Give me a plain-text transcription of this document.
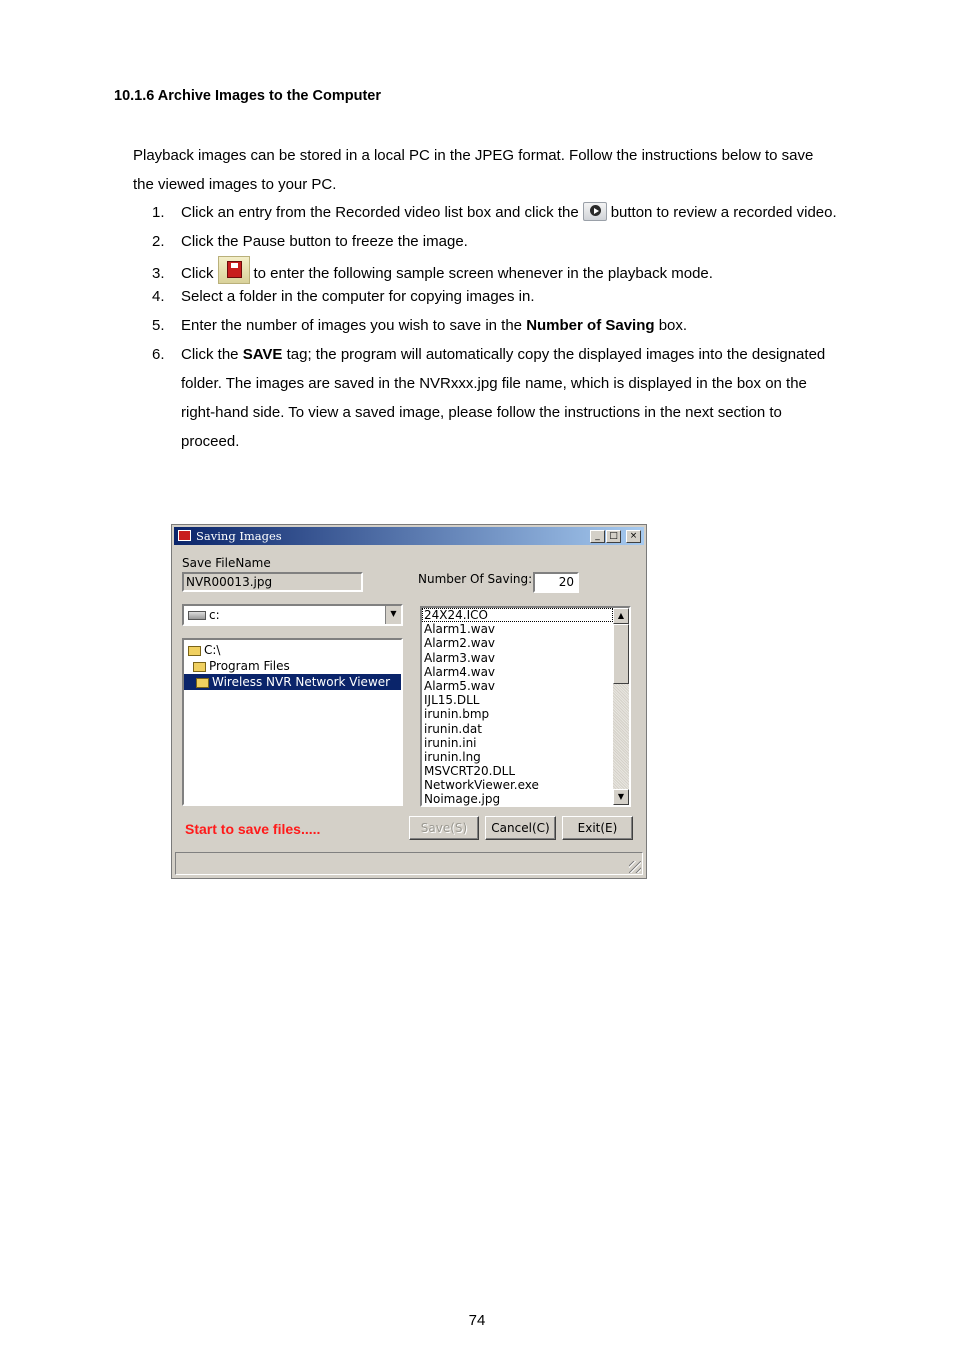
10.1.6 Archive Images to the Computer
Playback images can be stored in a local PC in the JPEG format. Follow the instructions below to save the viewed images to your PC.
1. Click an entry from the Recorded video list box and click the button to review a recorded video.
2. Click the Pause button to freeze the image.
3. Click	to enter the following sample screen whenever in the playback mode.
4. Select a folder in the computer for copying images in.
5. Enter the number of images you wish to save in the Number of Saving box.
6. Click the SAVE tag; the program will automatically copy the displayed images into the designated folder. The images are saved in the NVRxxx.jpg file name, which is displayed in the box on the right-hand side. To view a saved image, please follow the instructions in the next section to proceed.
Saving Images	_	□	×
Save FileName
NVR00013.jpg	Number Of Saving:	20
c:	▼
C:\
Program Files
Wireless NVR Network Viewer
24X24.ICO
Alarm1.wav
Alarm2.wav
Alarm3.wav
Alarm4.wav
Alarm5.wav
IJL15.DLL
irunin.bmp
irunin.dat
irunin.ini
irunin.lng
MSVCRT20.DLL
NetworkViewer.exe
Noimage.jpg
▲
▼
Start to save files.....	Save(S)	Cancel(C)	Exit(E)
74
